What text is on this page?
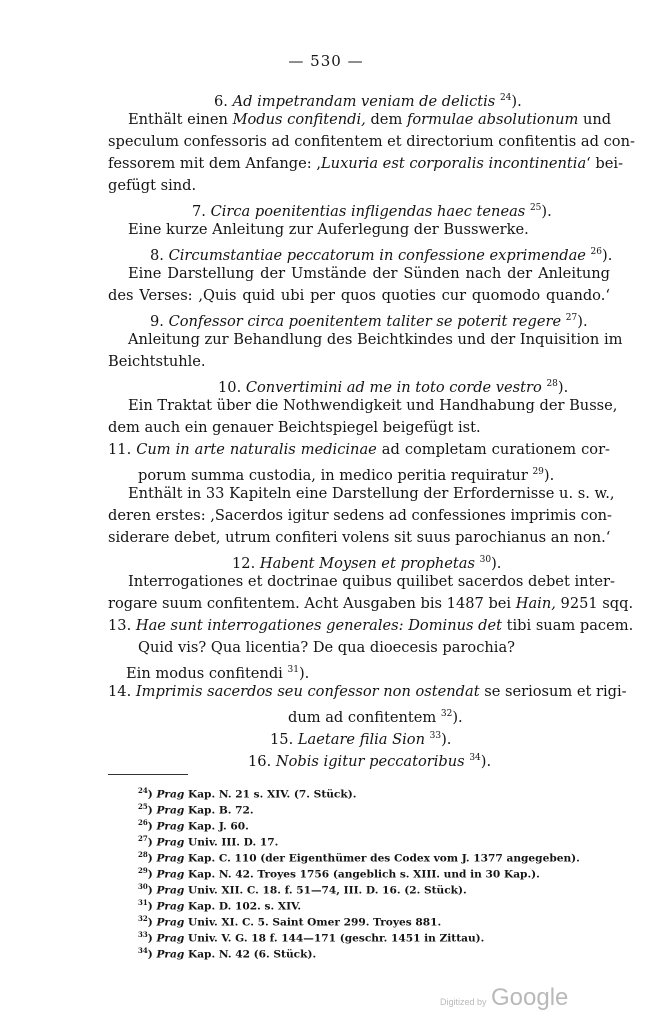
— 530 —
6. Ad impetrandam veniam de delictis $^{24}$).
Enthält einen Modus confitendi, dem formulae absolutionum und
speculum confessoris ad confitentem et directorium confitentis ad con-
fessorem mit dem Anfange: ,Luxuria est corporalis incontinentia‘ bei-
gefügt sind.
7. Circa poenitentias infligendas haec teneas $^{25}$).
Eine kurze Anleitung zur Auferlegung der Busswerke.
8. Circumstantiae peccatorum in confessione exprimendae $^{26}$).
Eine Darstellung der Umstände der Sünden nach der Anleitung
des Verses: ,Quis quid ubi per quos quoties cur quomodo quando.‘
9. Confessor circa poenitentem taliter se poterit regere $^{27}$).
Anleitung zur Behandlung des Beichtkindes und der Inquisition im
Beichtstuhle.
10. Convertimini ad me in toto corde vestro $^{28}$).
Ein Traktat über die Nothwendigkeit und Handhabung der Busse,
dem auch ein genauer Beichtspiegel beigefügt ist.
11. Cum in arte naturalis medicinae ad completam curationem cor-
porum summa custodia, in medico peritia requiratur $^{29}$).
Enthält in 33 Kapiteln eine Darstellung der Erfordernisse u. s. w.,
deren erstes: ,Sacerdos igitur sedens ad confessiones imprimis con-
siderare debet, utrum confiteri volens sit suus parochianus an non.‘
12. Habent Moysen et prophetas $^{30}$).
Interrogationes et doctrinae quibus quilibet sacerdos debet inter-
rogare suum confitentem. Acht Ausgaben bis 1487 bei Hain, 9251 sqq.
13. Hae sunt interrogationes generales: Dominus det tibi suam pacem.
Quid vis? Qua licentia? De qua dioecesis parochia?
Ein modus confitendi $^{31}$).
14. Imprimis sacerdos seu confessor non ostendat se seriosum et rigi-
dum ad confitentem $^{32}$).
15. Laetare filia Sion $^{33}$).
16. Nobis igitur peccatoribus $^{34}$).
$^{24}$) Prag Kap. N. 21 s. XIV. (7. Stück).
$^{25}$) Prag Kap. B. 72.
$^{26}$) Prag Kap. J. 60.
$^{27}$) Prag Univ. III. D. 17.
$^{28}$) Prag Kap. C. 110 (der Eigenthümer des Codex vom J. 1377 angegeben).
$^{29}$) Prag Kap. N. 42. Troyes 1756 (angeblich s. XIII. und in 30 Kap.).
$^{30}$) Prag Univ. XII. C. 18. f. 51—74, III. D. 16. (2. Stück).
$^{31}$) Prag Kap. D. 102. s. XIV.
$^{32}$) Prag Univ. XI. C. 5. Saint Omer 299. Troyes 881.
$^{33}$) Prag Univ. V. G. 18 f. 144—171 (geschr. 1451 in Zittau).
$^{34}$) Prag Kap. N. 42 (6. Stück).
Digitized by Google
